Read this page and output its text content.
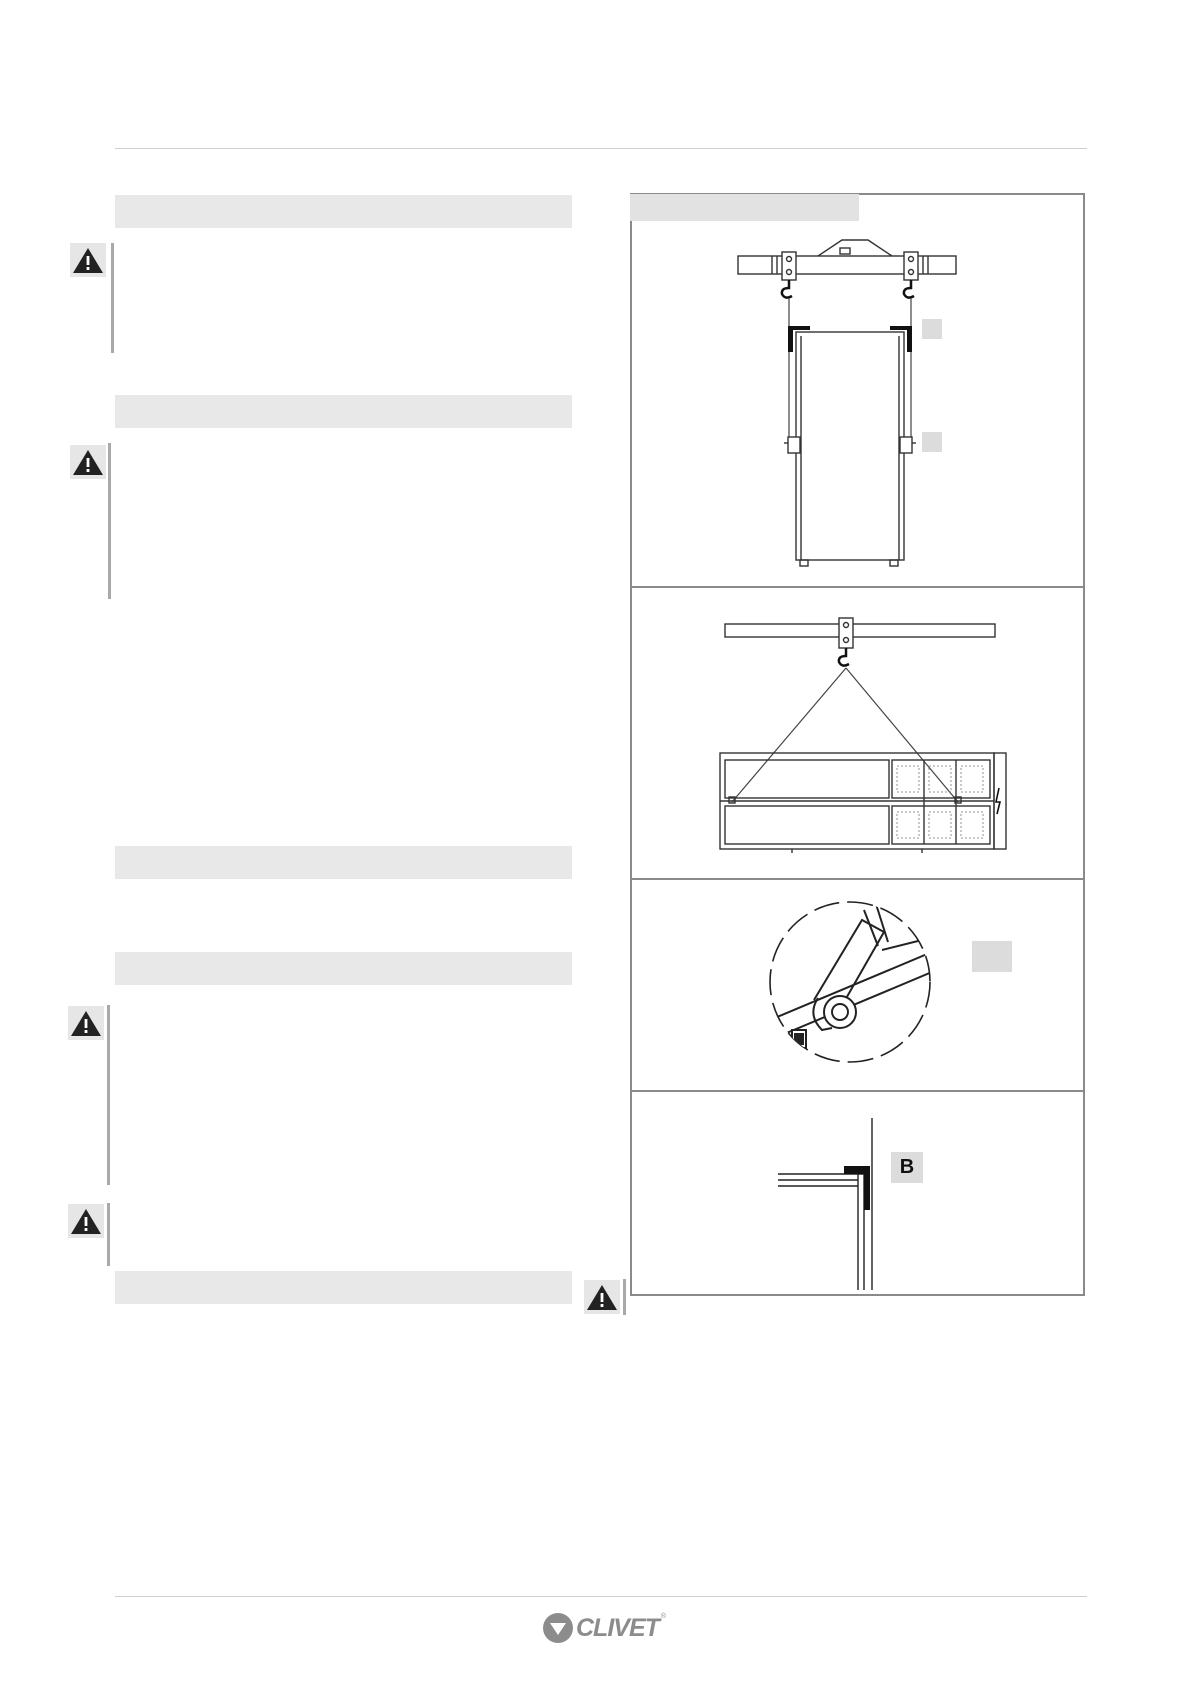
B
CLIVET ®
